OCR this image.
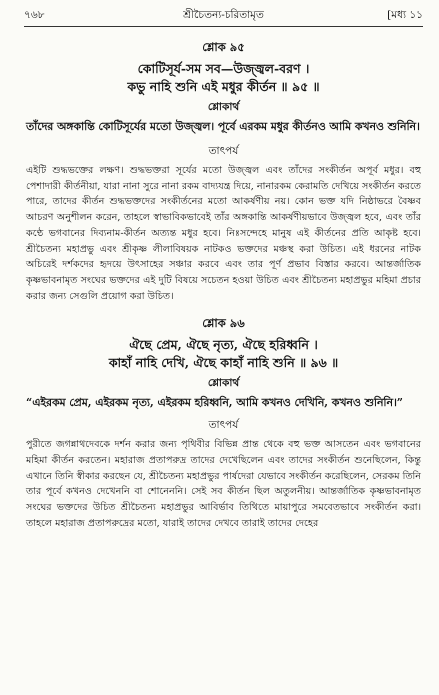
৭৬৮	শ্রীচৈতন্য-চরিতামৃত	[মধ্য ১১
শ্লোক ৯৫
কোটিসূর্য-সম সব—উজ্জ্বল-বরণ ।
কভু নাহি শুনি এই মধুর কীর্তন ॥ ৯৫ ॥
শ্লোকার্থ
তাঁদের অঙ্গকান্তি কোটিসূর্যের মতো উজ্জ্বল। পূর্বে এরকম মধুর কীর্তনও আমি কখনও শুনিনি।
তাৎপর্য
এইটি শুদ্ধভক্তের লক্ষণ। শুদ্ধভক্তরা সূর্যের মতো উজ্জ্বল এবং তাঁদের সংকীর্তন অপূর্ব মধুর। বহু পেশাদারী কীর্তনীয়া, যারা নানা সুরে নানা রকম বাদ্যযন্ত্র দিয়ে, নানারকম কেরামতি দেখিয়ে সংকীর্তন করতে পারে, তাদের কীর্তন শুদ্ধভক্তদের সংকীর্তনের মতো আকর্ষণীয় নয়। কোন ভক্ত যদি নিষ্ঠাভরে বৈষ্ণব আচরণ অনুশীলন করেন, তাহলে স্বাভাবিকভাবেই তাঁর অঙ্গকান্তি আকর্ষণীয়ভাবে উজ্জ্বল হবে, এবং তাঁর কণ্ঠে ভগবানের দিব্যনাম-কীর্তন অত্যন্ত মধুর হবে। নিঃসন্দেহে মানুষ এই কীর্তনের প্রতি আকৃষ্ট হবে। শ্রীচৈতন্য মহাপ্রভু এবং শ্রীকৃষ্ণ লীলাবিষয়ক নাটকও ভক্তদের মঞ্চস্থ করা উচিত। এই ধরনের নাটক অচিরেই দর্শকদের হৃদয়ে উৎসাহের সঞ্চার করবে এবং তার পূর্ণ প্রভাব বিস্তার করবে। আন্তর্জাতিক কৃষ্ণভাবনামৃত সংঘের ভক্তদের এই দুটি বিষয়ে সচেতন হওয়া উচিত এবং শ্রীচৈতন্য মহাপ্রভুর মহিমা প্রচার করার জন্য সেগুলি প্রয়োগ করা উচিত।
শ্লোক ৯৬
ঐছে প্রেম, ঐছে নৃত্য, ঐছে হরিধ্বনি ।
কাহাঁ নাহি দেখি, ঐছে কাহাঁ নাহি শুনি ॥ ৯৬ ॥
শ্লোকার্থ
“এইরকম প্রেম, এইরকম নৃত্য, এইরকম হরিধ্বনি, আমি কখনও দেখিনি, কখনও শুনিনি।”
তাৎপর্য
পুরীতে জগন্নাথদেবকে দর্শন করার জন্য পৃথিবীর বিভিন্ন প্রান্ত থেকে বহু ভক্ত আসতেন এবং ভগবানের মহিমা কীর্তন করতেন। মহারাজ প্রতাপরুদ্র তাদের দেখেছিলেন এবং তাদের সংকীর্তন শুনেছিলেন, কিন্তু এখানে তিনি স্বীকার করছেন যে, শ্রীচৈতন্য মহাপ্রভুর পার্ষদেরা যেভাবে সংকীর্তন করেছিলেন, সেরকম তিনি তার পূর্বে কখনও দেখেননি বা শোনেননি। সেই সব কীর্তন ছিল অতুলনীয়। আন্তর্জাতিক কৃষ্ণভাবনামৃত সংঘের ভক্তদের উচিত শ্রীচৈতন্য মহাপ্রভুর আবির্ভাব তিথিতে মায়াপুরে সমবেতভাবে সংকীর্তন করা। তাহলে মহারাজ প্রতাপরুদ্রের মতো, যারাই তাদের দেখবে তারাই তাদের দেহের
